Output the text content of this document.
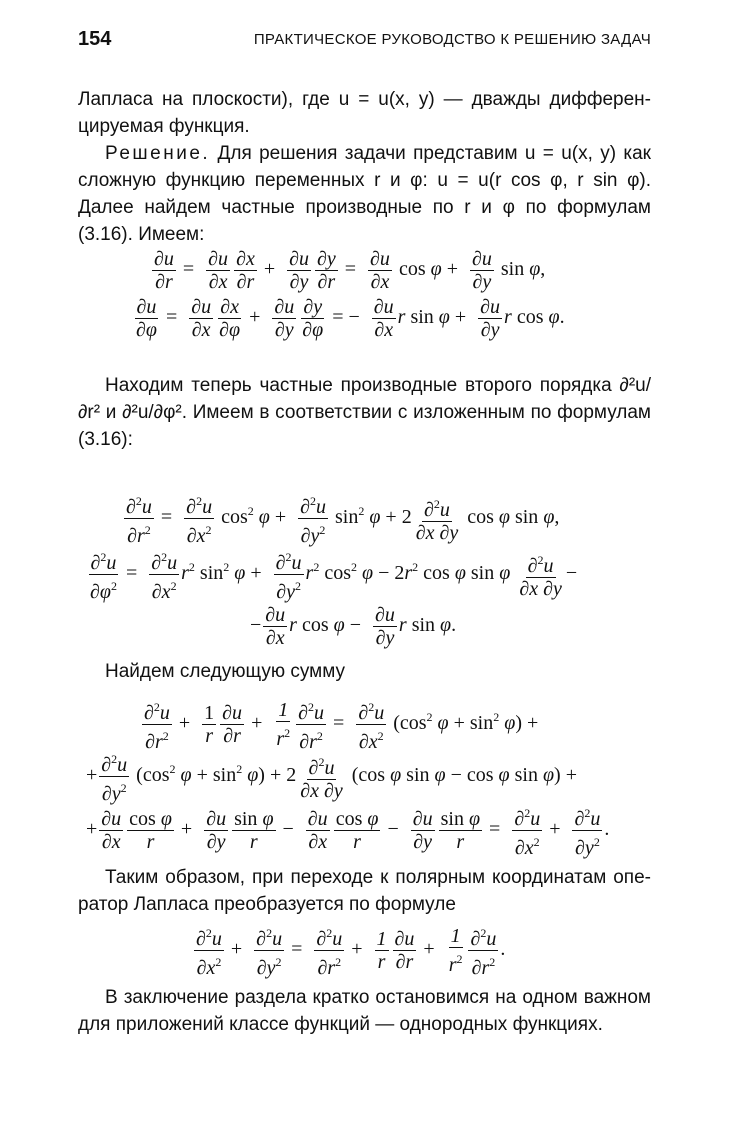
154	ПРАКТИЧЕСКОЕ РУКОВОДСТВО К РЕШЕНИЮ ЗАДАЧ
Лапласа на плоскости), где u = u(x, y) — дважды дифферен-цируемая функция.
Решение. Для решения задачи представим u = u(x, y) как сложную функцию переменных r и φ: u = u(r cos φ, r sin φ). Далее найдем частные производные по r и φ по формулам (3.16). Имеем:
$\frac{\partial u}{\partial r} = \frac{\partial u}{\partial x} \frac{\partial x}{\partial r} + \frac{\partial u}{\partial y} \frac{\partial y}{\partial r} = \frac{\partial u}{\partial x}$ $\cos \varphi + \frac{\partial u}{\partial y}$ sin φ,
$\frac{\partial u}{\partial\varphi} = \frac{\partial u}{\partial x} \frac{\partial x}{\partial\varphi} + \frac{\partial u}{\partial y} \frac{\partial y}{\partial\varphi}$ = − $\frac{\partial u}{\partial x}$ r $\sin \varphi + \frac{\partial u}{\partial y}$ r cos φ.
Находим теперь частные производные второго порядка ∂²u/∂r² и ∂²u/∂φ². Имеем в соответствии с изложенным по формулам (3.16):
$\frac{\partial^2u}{\partial r^2} = \frac{\partial^2u}{\partial x^2} \cos^2 \varphi + \frac{\partial^2u}{\partial y^2} \sin^2 \varphi + 2 \frac{\partial^2u}{\partial x \partial y}$ cos φ sin φ,
$\frac{\partial^2u}{\partial\varphi^2} = \frac{\partial^2u}{\partial x^2} r^2$ $\sin^2 \varphi + \frac{\partial^2u}{\partial y^2} r^2$ $\cos^2 \varphi - 2r^2$ cos φ sin φ $\frac{\partial^2u}{\partial x \partial y}$ −
− $\frac{\partial u}{\partial x}$ r $\cos \varphi - \frac{\partial u}{\partial y}$ r sin φ.
Найдем следующую сумму
$\frac{\partial^2u}{\partial r^2} + \frac{1}{r} \frac{\partial u}{\partial r} + \frac{1}{r^2} \frac{\partial^2u}{\partial r^2} = \frac{\partial^2u}{\partial x^2} (\cos^2$ $\varphi + \sin^2 \varphi$) +
+ $\frac{\partial^2u}{\partial y^2} (\cos^2$ $\varphi + \sin^2 \varphi) + 2 \frac{\partial^2u}{\partial x \partial y} (\cos$ φ sin φ − cos φ sin φ) +
+ $\frac{\partial u}{\partial x} \frac{\text{cos φ}}{r} + \frac{\partial u}{\partial y} \frac{\text{sin φ}}{r} - \frac{\partial u}{\partial x} \frac{\text{cos φ}}{r} - \frac{\partial u}{\partial y} \frac{\text{sin φ}}{r} = \frac{\partial^2u}{\partial x^2} + \frac{\partial^2u}{\partial y^2}$ .
Таким образом, при переходе к полярным координатам опе-ратор Лапласа преобразуется по формуле
$\frac{\partial^2u}{\partial x^2} + \frac{\partial^2u}{\partial y^2} = \frac{\partial^2u}{\partial r^2} + \frac{1}{r} \frac{\partial u}{\partial r} + \frac{1}{r^2} \frac{\partial^2u}{\partial r^2}$ .
В заключение раздела кратко остановимся на одном важном для приложений классе функций — однородных функциях.
